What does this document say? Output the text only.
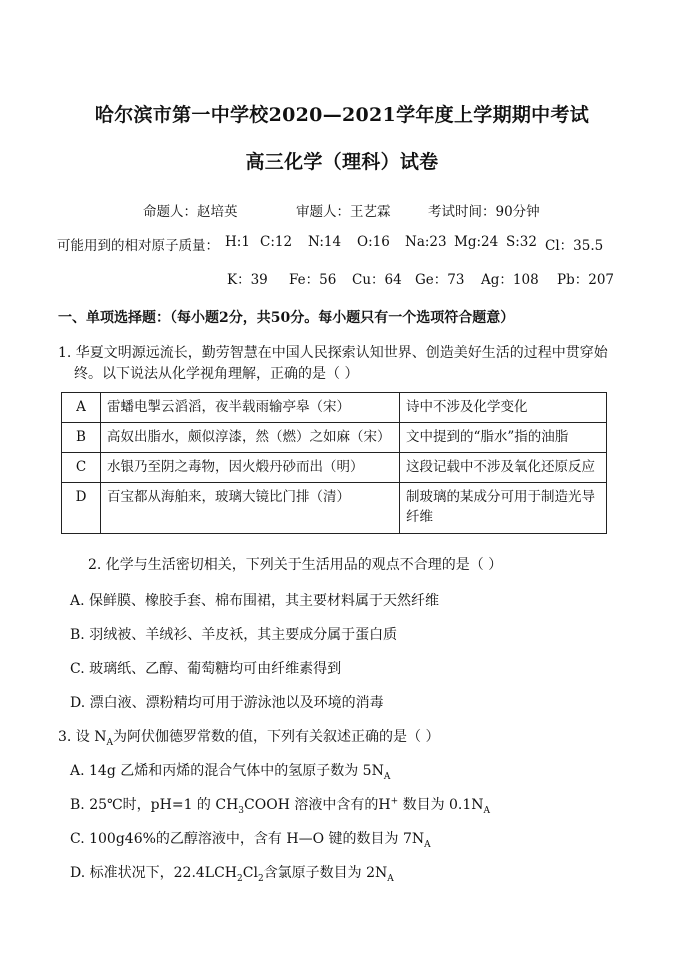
哈尔滨市第一中学校2020—2021学年度上学期期中考试
高三化学（理科）试卷
命题人：赵培英	审题人：王艺霖	考试时间：90分钟
可能用到的相对原子质量： H:1 C:12 N:14 O:16 Na:23 Mg:24 S:32 Cl：35.5
K：39 Fe：56 Cu：64 Ge：73 Ag：108 Pb：207
一、单项选择题：（每小题2分，共50分。每小题只有一个选项符合题意）
1. 华夏文明源远流长，勤劳智慧在中国人民探索认知世界、创造美好生活的过程中贯穿始
终。以下说法从化学视角理解，正确的是（ ）
A	雷蟠电掣云滔滔，夜半载雨输亭皋（宋）	诗中不涉及化学变化
B	高奴出脂水，颇似淳漆，然（燃）之如麻（宋）	文中提到的“脂水”指的油脂
C	水银乃至阴之毒物，因火煅丹砂而出（明）	这段记载中不涉及氧化还原反应
D	百宝都从海舶来，玻璃大镜比门排（清）	制玻璃的某成分可用于制造光导纤维
2. 化学与生活密切相关，下列关于生活用品的观点不合理的是（ ）
A. 保鲜膜、橡胶手套、棉布围裙，其主要材料属于天然纤维
B. 羽绒被、羊绒衫、羊皮袄，其主要成分属于蛋白质
C. 玻璃纸、乙醇、葡萄糖均可由纤维素得到
D. 漂白液、漂粉精均可用于游泳池以及环境的消毒
3. 设 $N_A$为阿伏伽德罗常数的值，下列有关叙述正确的是（ ）
A. 14g 乙烯和丙烯的混合气体中的氢原子数为 $5N_A$
B. 25℃时，pH=1 的 $CH_3COOH$ 溶液中含有的H+ 数目为 $0.1N_A$
C. 100g46%的乙醇溶液中，含有 H—O 键的数目为 $7N_A$
D. 标准状况下，$22.4LCH_2Cl_2$含氯原子数目为 $2N_A$
